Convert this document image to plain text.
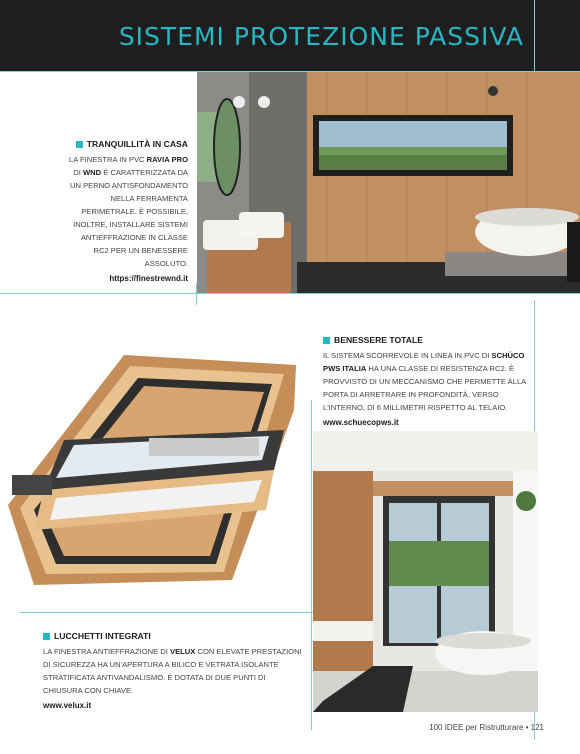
SISTEMI PROTEZIONE PASSIVA
TRANQUILLITÀ IN CASA

LA FINESTRA IN PVC RAVIA PRO
DI WND È CARATTERIZZATA DA UN PERNO ANTISFONDAMENTO NELLA FERRAMENTA PERIMETRALE. È POSSIBILE, INOLTRE, INSTALLARE SISTEMI ANTIEFFRAZIONE IN CLASSE RC2 PER UN BENESSERE ASSOLUTO.

https://finestrewnd.it
BENESSERE TOTALE

IL SISTEMA SCORREVOLE IN LINEA IN PVC DI SCHÜCO PWS ITALIA HA UNA CLASSE DI RESISTENZA RC2. È PROVVISTO DI UN MECCANISMO CHE PERMETTE ALLA PORTA DI ARRETRARE IN PROFONDITÀ, VERSO L'INTERNO, DI 6 MILLIMETRI RISPETTO AL TELAIO.

www.schuecopws.it
LUCCHETTI INTEGRATI

LA FINESTRA ANTIEFFRAZIONE DI VELUX CON ELEVATE PRESTAZIONI DI SICUREZZA HA UN'APERTURA A BILICO E VETRATA ISOLANTE STRATIFICATA ANTIVANDALISMO. È DOTATA DI DUE PUNTI DI CHIUSURA CON CHIAVE.

www.velux.it
100 IDEE per Ristrutturare • 121
